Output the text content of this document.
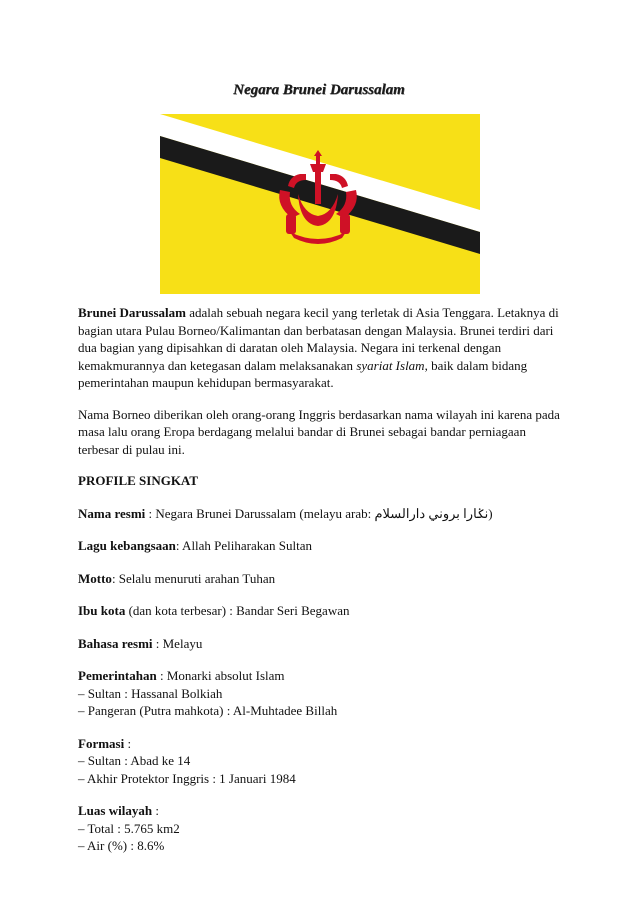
Negara Brunei Darussalam

Brunei Darussalam adalah sebuah negara kecil yang terletak di Asia Tenggara. Letaknya di bagian utara Pulau Borneo/Kalimantan dan berbatasan dengan Malaysia. Brunei terdiri dari dua bagian yang dipisahkan di daratan oleh Malaysia. Negara ini terkenal dengan kemakmurannya dan ketegasan dalam melaksanakan syariat Islam, baik dalam bidang pemerintahan maupun kehidupan bermasyarakat.

Nama Borneo diberikan oleh orang-orang Inggris berdasarkan nama wilayah ini karena pada masa lalu orang Eropa berdagang melalui bandar di Brunei sebagai bandar perniagaan terbesar di pulau ini.

PROFILE SINGKAT

Nama resmi : Negara Brunei Darussalam (melayu arab: نݢارا بروني دارالسلام)

Lagu kebangsaan: Allah Peliharakan Sultan

Motto: Selalu menuruti arahan Tuhan

Ibu kota (dan kota terbesar) : Bandar Seri Begawan

Bahasa resmi : Melayu

Pemerintahan : Monarki absolut Islam
– Sultan : Hassanal Bolkiah
– Pangeran (Putra mahkota) : Al-Muhtadee Billah

Formasi :
– Sultan : Abad ke 14
– Akhir Protektor Inggris : 1 Januari 1984

Luas wilayah :
– Total : 5.765 km2
– Air (%) : 8.6%
